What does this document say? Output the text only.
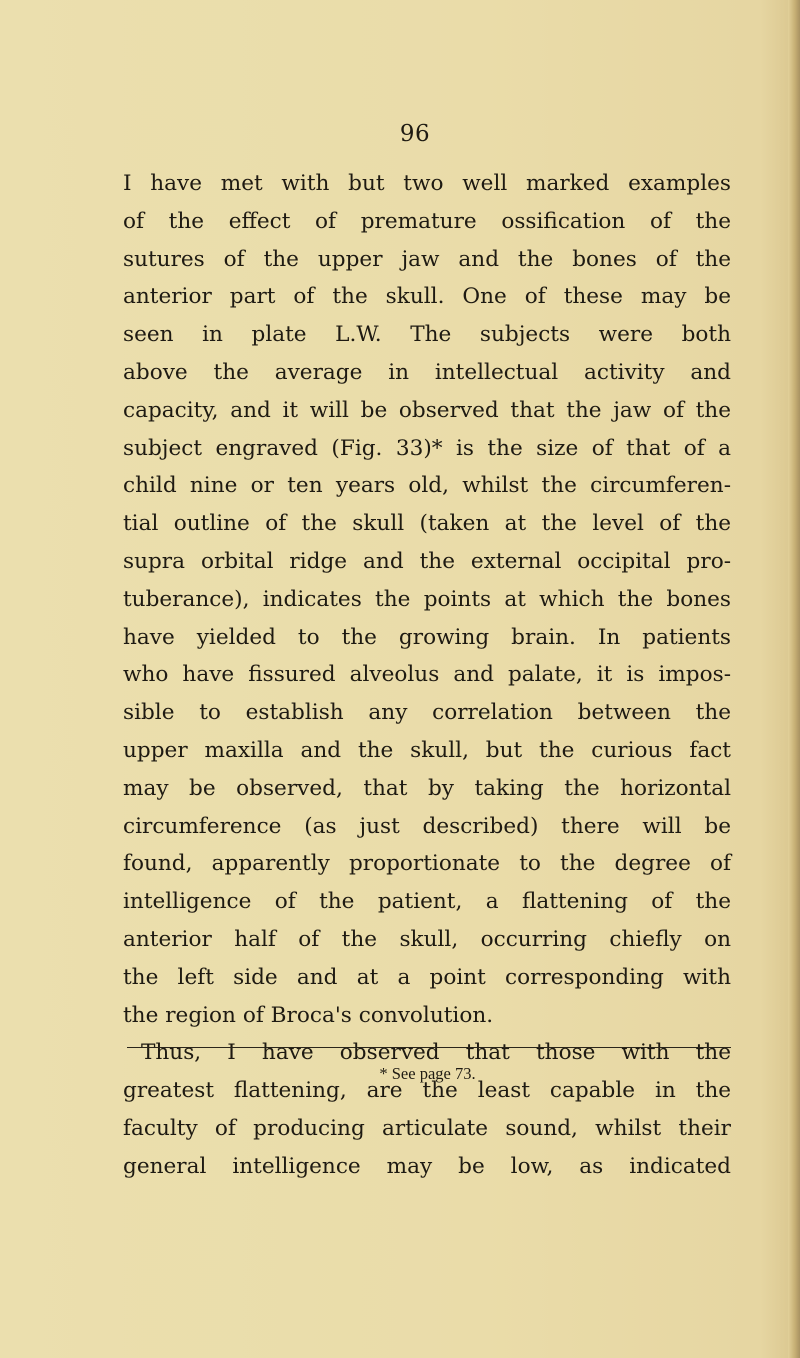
96
I have met with but two well marked examples
of the effect of premature ossification of the
sutures of the upper jaw and the bones of the
anterior part of the skull. One of these may be
seen in plate L.W. The subjects were both
above the average in intellectual activity and
capacity, and it will be observed that the jaw of the
subject engraved (Fig. 33)* is the size of that of a
child nine or ten years old, whilst the circumferen-
tial outline of the skull (taken at the level of the
supra orbital ridge and the external occipital pro-
tuberance), indicates the points at which the bones
have yielded to the growing brain. In patients
who have fissured alveolus and palate, it is impos-
sible to establish any correlation between the
upper maxilla and the skull, but the curious fact
may be observed, that by taking the horizontal
circumference (as just described) there will be
found, apparently proportionate to the degree of
intelligence of the patient, a flattening of the
anterior half of the skull, occurring chiefly on
the left side and at a point corresponding with
the region of Broca's convolution.
Thus, I have observed that those with the
greatest flattening, are the least capable in the
faculty of producing articulate sound, whilst their
general intelligence may be low, as indicated
* See page 73.
